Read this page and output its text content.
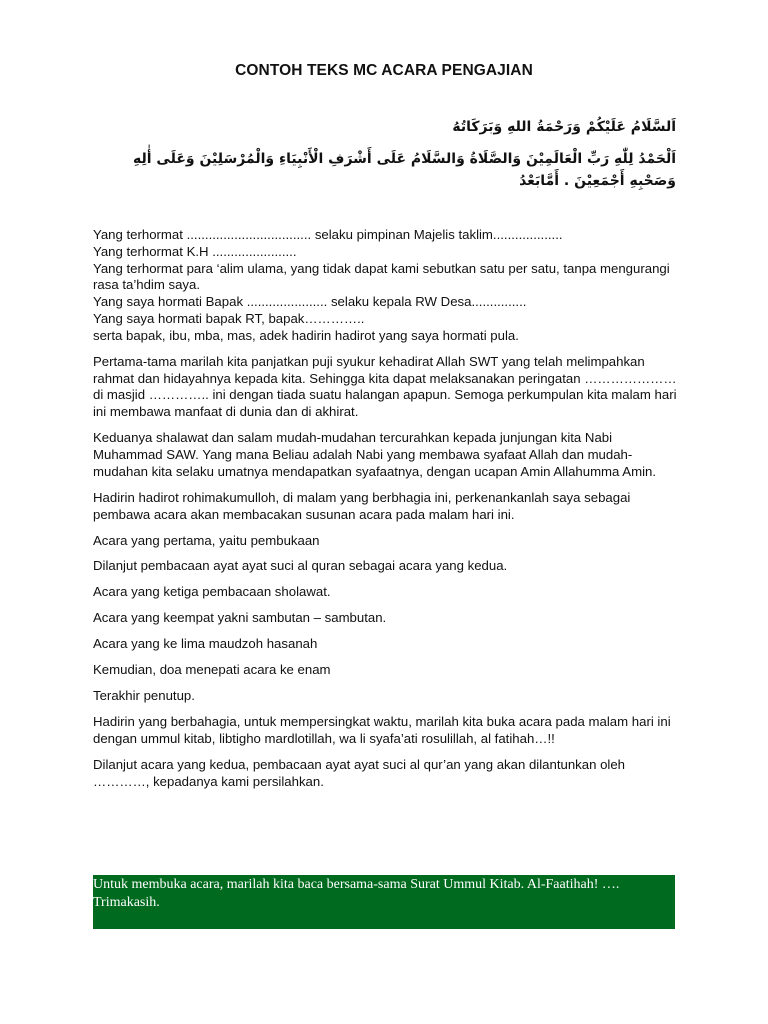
CONTOH TEKS MC ACARA PENGAJIAN
اَلسَّلَامُ عَلَيْكُمْ وَرَحْمَةُ اللهِ وَبَرَكَاتُهُ
اَلْحَمْدُ لِلّٰهِ رَبِّ الْعَالَمِيْنَ وَالصَّلَاةُ وَالسَّلَامُ عَلَى أَشْرَفِ الْأَنْبِيَاءِ وَالْمُرْسَلِيْنَ وَعَلَى أٰلِهِ وَصَحْبِهِ أَجْمَعِيْنَ . أَمَّابَعْدُ
Yang terhormat .................................. selaku pimpinan Majelis taklim...................
Yang terhormat K.H .......................
Yang terhormat para ‘alim ulama, yang tidak dapat kami sebutkan satu per satu, tanpa mengurangi rasa ta’hdim saya.
Yang saya hormati Bapak ...................... selaku kepala RW Desa...............
Yang saya hormati bapak RT, bapak…………..
serta bapak, ibu, mba, mas, adek hadirin hadirot yang saya hormati pula.

Pertama-tama marilah kita panjatkan puji syukur kehadirat Allah SWT yang telah melimpahkan rahmat dan hidayahnya kepada kita. Sehingga kita dapat melaksanakan peringatan ………………… di masjid ………….. ini dengan tiada suatu halangan apapun. Semoga perkumpulan kita malam hari ini membawa manfaat di dunia dan di akhirat.

Keduanya shalawat dan salam mudah-mudahan tercurahkan kepada junjungan kita Nabi Muhammad SAW. Yang mana Beliau adalah Nabi yang membawa syafaat Allah dan mudah-mudahan kita selaku umatnya mendapatkan syafaatnya, dengan ucapan Amin Allahumma Amin.

Hadirin hadirot rohimakumulloh, di malam yang berbhagia ini, perkenankanlah saya sebagai pembawa acara akan membacakan susunan acara pada malam hari ini.

Acara yang pertama, yaitu pembukaan

Dilanjut pembacaan ayat ayat suci al quran sebagai acara yang kedua.

Acara yang ketiga pembacaan sholawat.

Acara yang keempat yakni sambutan – sambutan.

Acara yang ke lima maudzoh hasanah

Kemudian, doa menepati acara ke enam

Terakhir penutup.

Hadirin yang berbahagia, untuk mempersingkat waktu, marilah kita buka acara pada malam hari ini dengan ummul kitab, libtigho mardlotillah, wa li syafa’ati rosulillah, al fatihah…!!

Dilanjut acara yang kedua, pembacaan ayat ayat suci al qur’an yang akan dilantunkan oleh …………, kepadanya kami persilahkan.

Untuk membuka acara, marilah kita baca bersama-sama Surat Ummul Kitab. Al-Faatihah! ….
Trimakasih.
